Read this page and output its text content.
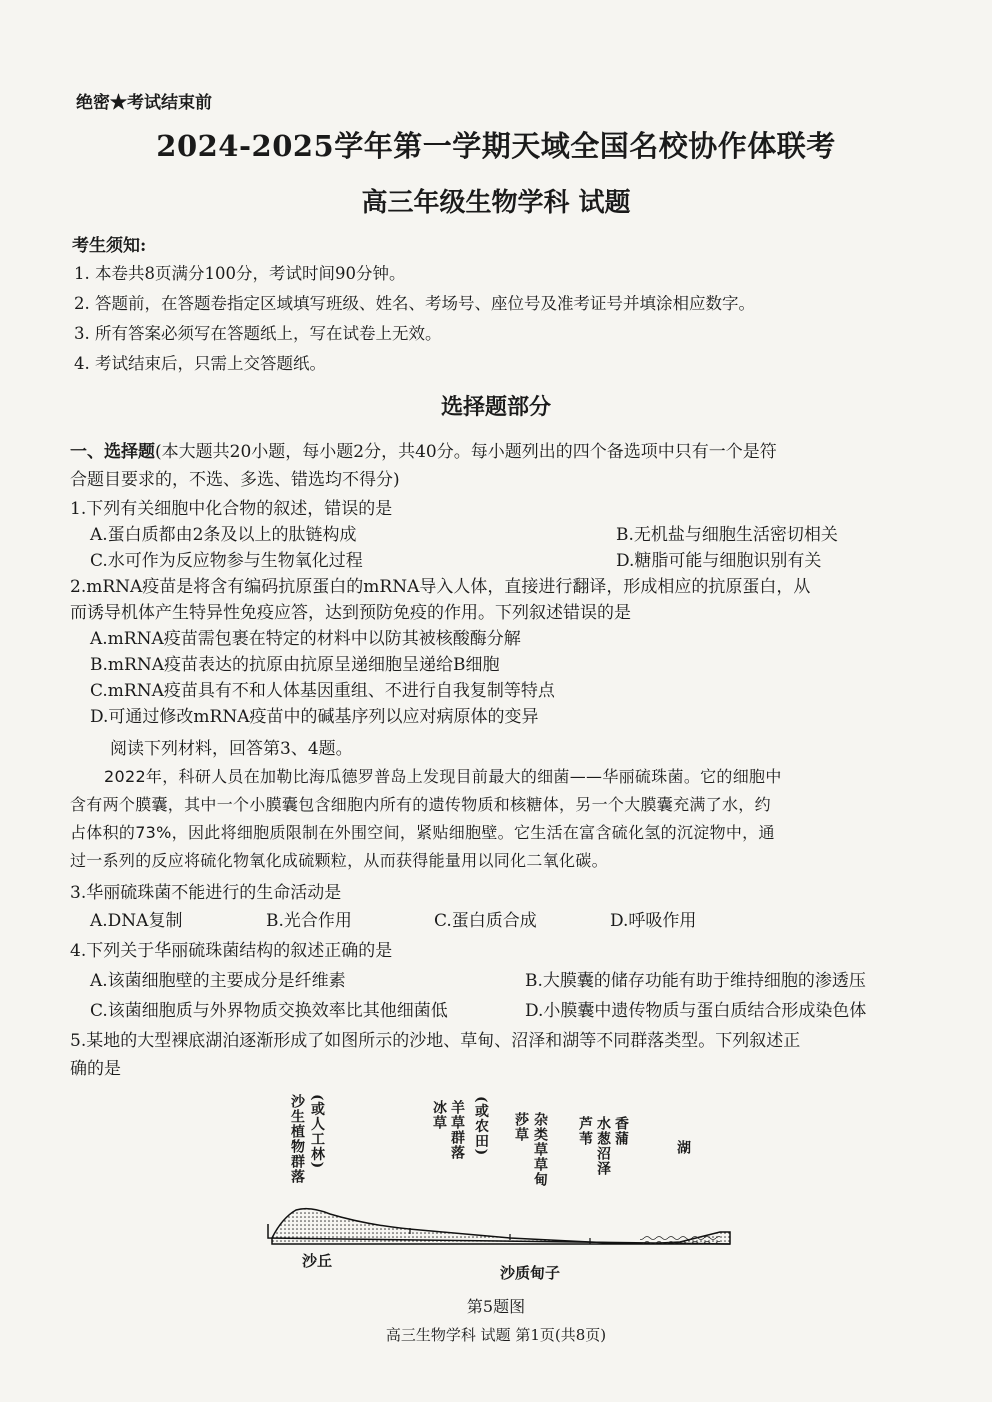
绝密★考试结束前
2024-2025学年第一学期天域全国名校协作体联考
高三年级生物学科 试题
考生须知:
1. 本卷共8页满分100分，考试时间90分钟。
2. 答题前，在答题卷指定区域填写班级、姓名、考场号、座位号及准考证号并填涂相应数字。
3. 所有答案必须写在答题纸上，写在试卷上无效。
4. 考试结束后，只需上交答题纸。
选择题部分
一、选择题(本大题共20小题，每小题2分，共40分。每小题列出的四个备选项中只有一个是符
合题目要求的，不选、多选、错选均不得分)
1.下列有关细胞中化合物的叙述，错误的是
A.蛋白质都由2条及以上的肽链构成	B.无机盐与细胞生活密切相关
C.水可作为反应物参与生物氧化过程	D.糖脂可能与细胞识别有关
2.mRNA疫苗是将含有编码抗原蛋白的mRNA导入人体，直接进行翻译，形成相应的抗原蛋白，从
而诱导机体产生特异性免疫应答，达到预防免疫的作用。下列叙述错误的是
A.mRNA疫苗需包裹在特定的材料中以防其被核酸酶分解
B.mRNA疫苗表达的抗原由抗原呈递细胞呈递给B细胞
C.mRNA疫苗具有不和人体基因重组、不进行自我复制等特点
D.可通过修改mRNA疫苗中的碱基序列以应对病原体的变异
阅读下列材料，回答第3、4题。
2022年，科研人员在加勒比海瓜德罗普岛上发现目前最大的细菌——华丽硫珠菌。它的细胞中
含有两个膜囊，其中一个小膜囊包含细胞内所有的遗传物质和核糖体，另一个大膜囊充满了水，约
占体积的73%，因此将细胞质限制在外围空间，紧贴细胞壁。它生活在富含硫化氢的沉淀物中，通
过一系列的反应将硫化物氧化成硫颗粒，从而获得能量用以同化二氧化碳。
3.华丽硫珠菌不能进行的生命活动是
A.DNA复制	B.光合作用	C.蛋白质合成	D.呼吸作用
4.下列关于华丽硫珠菌结构的叙述正确的是
A.该菌细胞壁的主要成分是纤维素	B.大膜囊的储存功能有助于维持细胞的渗透压
C.该菌细胞质与外界物质交换效率比其他细菌低	D.小膜囊中遗传物质与蛋白质结合形成染色体
5.某地的大型裸底湖泊逐渐形成了如图所示的沙地、草甸、沼泽和湖等不同群落类型。下列叙述正
确的是
沙生植物群落 (或人工林)	冰草 羊草群落 (或农田) 莎草 杂类草草甸 芦苇 香蒲
水葱沼泽	湖
沙丘
沙质甸子
第5题图
高三生物学科 试题 第1页(共8页)
